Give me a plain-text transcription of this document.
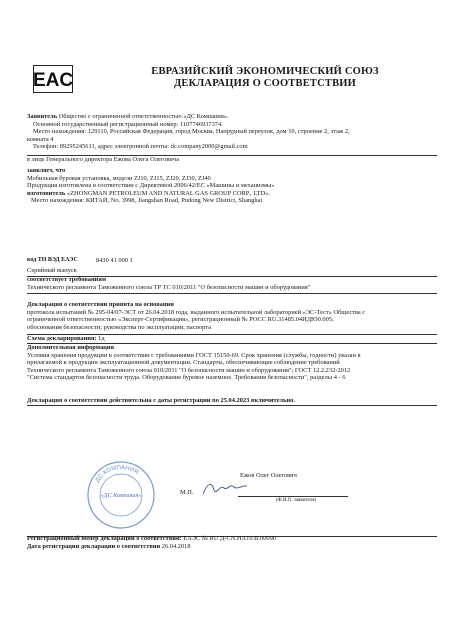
EAC	ЕВРАЗИЙСКИЙ ЭКОНОМИЧЕСКИЙ СОЮЗ
ДЕКЛАРАЦИЯ О СООТВЕТСТВИИ
Заявитель Общество с ограниченной ответственностью «ДС Компания».
Основной государственный регистрационный номер: 1107746937374.
Место нахождения: 129110, Российская Федерация, город Москва, Напрудный переулок, дом 10, строение 2, этаж 2,
комната 4
Телефон: 89295245611, адрес электронной почты: dc.company2000@gmail.com
в лице Генерального директора Ежова Олега Олеговича
заявляет, что
Мобильная буровая установка, модели ZJ10, ZJ15, ZJ20, ZJ30, ZJ40
Продукция изготовлена в соответствии с Директивой 2006/42/ЕС «Машины и механизмы»
изготовитель «ZHONGMAN PETROLEUM AND NATURAL GAS GROUP CORP., LTD».
Место нахождения: КИТАЙ, No. 3998, Jiangshan Road, Pudong New District, Shanghai
код ТН ВЭД ЕАЭС	8430 41 000 1
Серийный выпуск
соответствует требованиям
Технического регламента Таможенного союза ТР ТС 010/2011 "О безопасности машин и оборудования"
Декларация о соответствии принята на основании
протокола испытаний № 295-04/07-ЭСТ от 26.04.2018 года, выданного испытательной лабораторией «ЭС-Тест» Общества с
ограниченной ответственностью «Эксперт-Сертификация», регистрационный № РОСС RU.31485.04ИДЮ0.005;
обоснования безопасности; руководства по эксплуатации; паспорта
Схема декларирования: 1д
Дополнительная информация
Условия хранения продукции в соответствии с требованиями ГОСТ 15150-69. Срок хранения (службы, годности) указан в
прилагаемой к продукции эксплуатационной документации. Стандарты, обеспечивающие соблюдение требований
Технического регламента Таможенного союза 010/2011 "О безопасности машин и оборудования"; ГОСТ 12.2.232-2012
"Система стандартов безопасности труда. Оборудование буровое наземное. Требования безопасности", разделы 4 - 6
Декларация о соответствии действительна с даты регистрации по 25.04.2023 включительно.
ДС КОМПАНИЯ
«ДС Компания»	М.П.
Ежов Олег Олегович
(Ф.И.О. заявителя)
Регистрационный номер декларации о соответствии: ЕАЭС № RU Д-CN.HA10.B.00090
Дата регистрации декларации о соответствии 26.04.2018
